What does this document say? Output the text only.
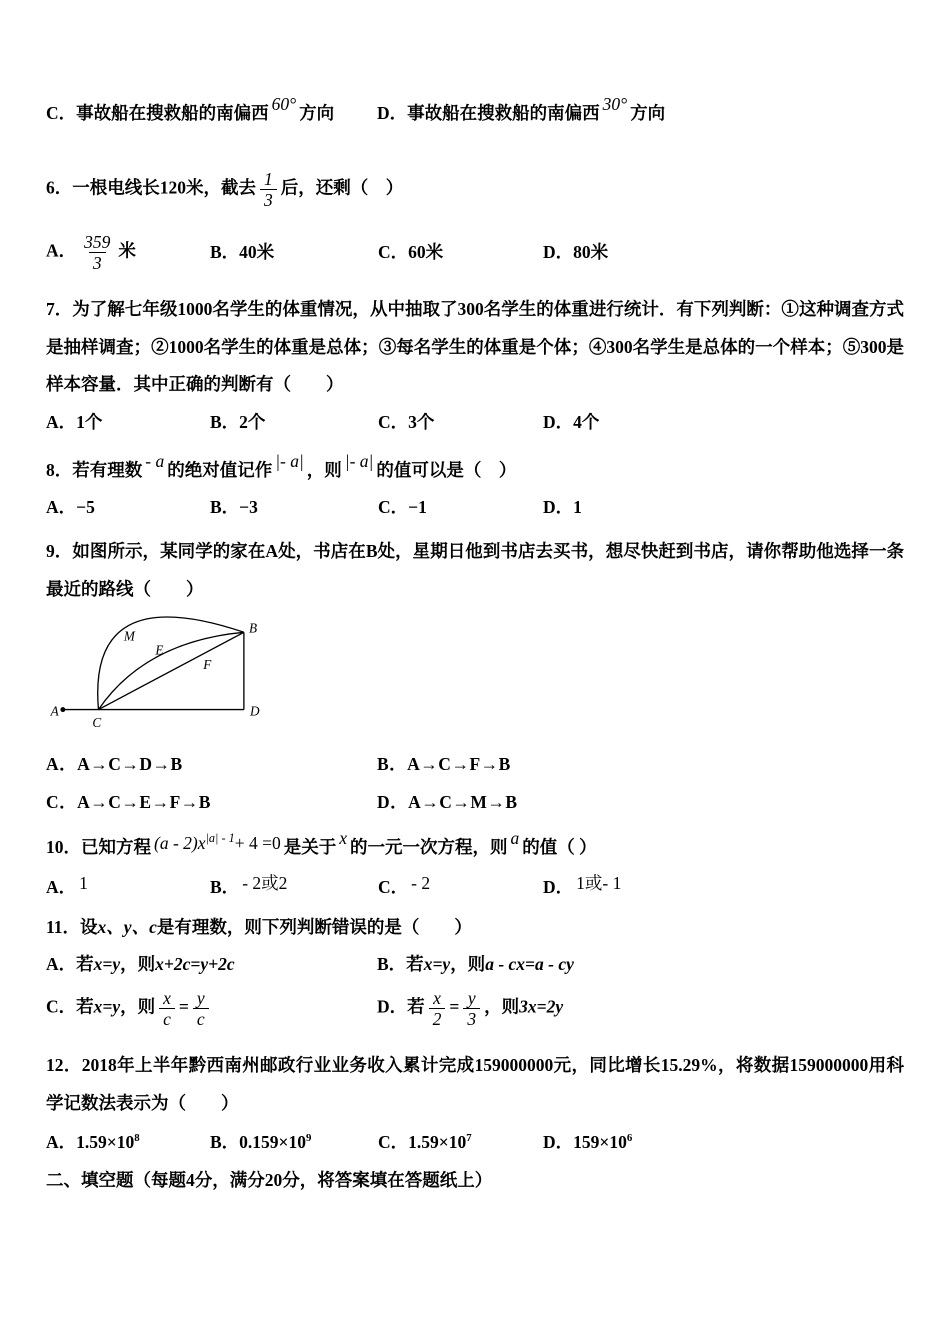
C．事故船在搜救船的南偏西 60° 方向	D．事故船在搜救船的南偏西 30° 方向

6．一根电线长120米，截去 $\frac{1}{3}$ 后，还剩（　）

A． $\frac{359}{3}$ 米	B．40米	C．60米	D．80米

7．为了解七年级1000名学生的体重情况，从中抽取了300名学生的体重进行统计．有下列判断：①这种调查方式是抽样调查；②1000名学生的体重是总体；③每名学生的体重是个体；④300名学生是总体的一个样本；⑤300是样本容量．其中正确的判断有（　　）

A．1个	B．2个	C．3个	D．4个

8．若有理数 - a 的绝对值记作 |- a| ，则 |- a| 的值可以是（　）

A．−5	B．−3	C．−1	D．1

9．如图所示，某同学的家在A处，书店在B处，星期日他到书店去买书，想尽快赶到书店，请你帮助他选择一条最近的路线（　　）

A
C
D
B
M
E
F
A．A→C→D→B	B．A→C→F→B
C．A→C→E→F→B	D．A→C→M→B

10．已知方程 $(a - 2)x^{|a| - 1}+ 4 =0$ 是关于 x 的一元一次方程，则 a 的值（ ）

A． 1	B． - 2或2	C． - 2	D． 1或- 1

11．设x、y、c是有理数，则下列判断错误的是（　　）

A．若x=y，则x+2c=y+2c	B．若x=y，则a - cx=a - cy
C．若x=y，则 $\frac{x}{c} = \frac{y}{c}$	D．若 $\frac{x}{2} = \frac{y}{3}$ ，则3x=2y

12．2018年上半年黔西南州邮政行业业务收入累计完成159000000元，同比增长15.29%，将数据159000000用科学记数法表示为（　　）

A．$1.59\times 10^8$	B．$0.159\times 10^9$	C．$1.59\times 10^7$	D．$159\times 10^6$

二、填空题（每题4分，满分20分，将答案填在答题纸上）
